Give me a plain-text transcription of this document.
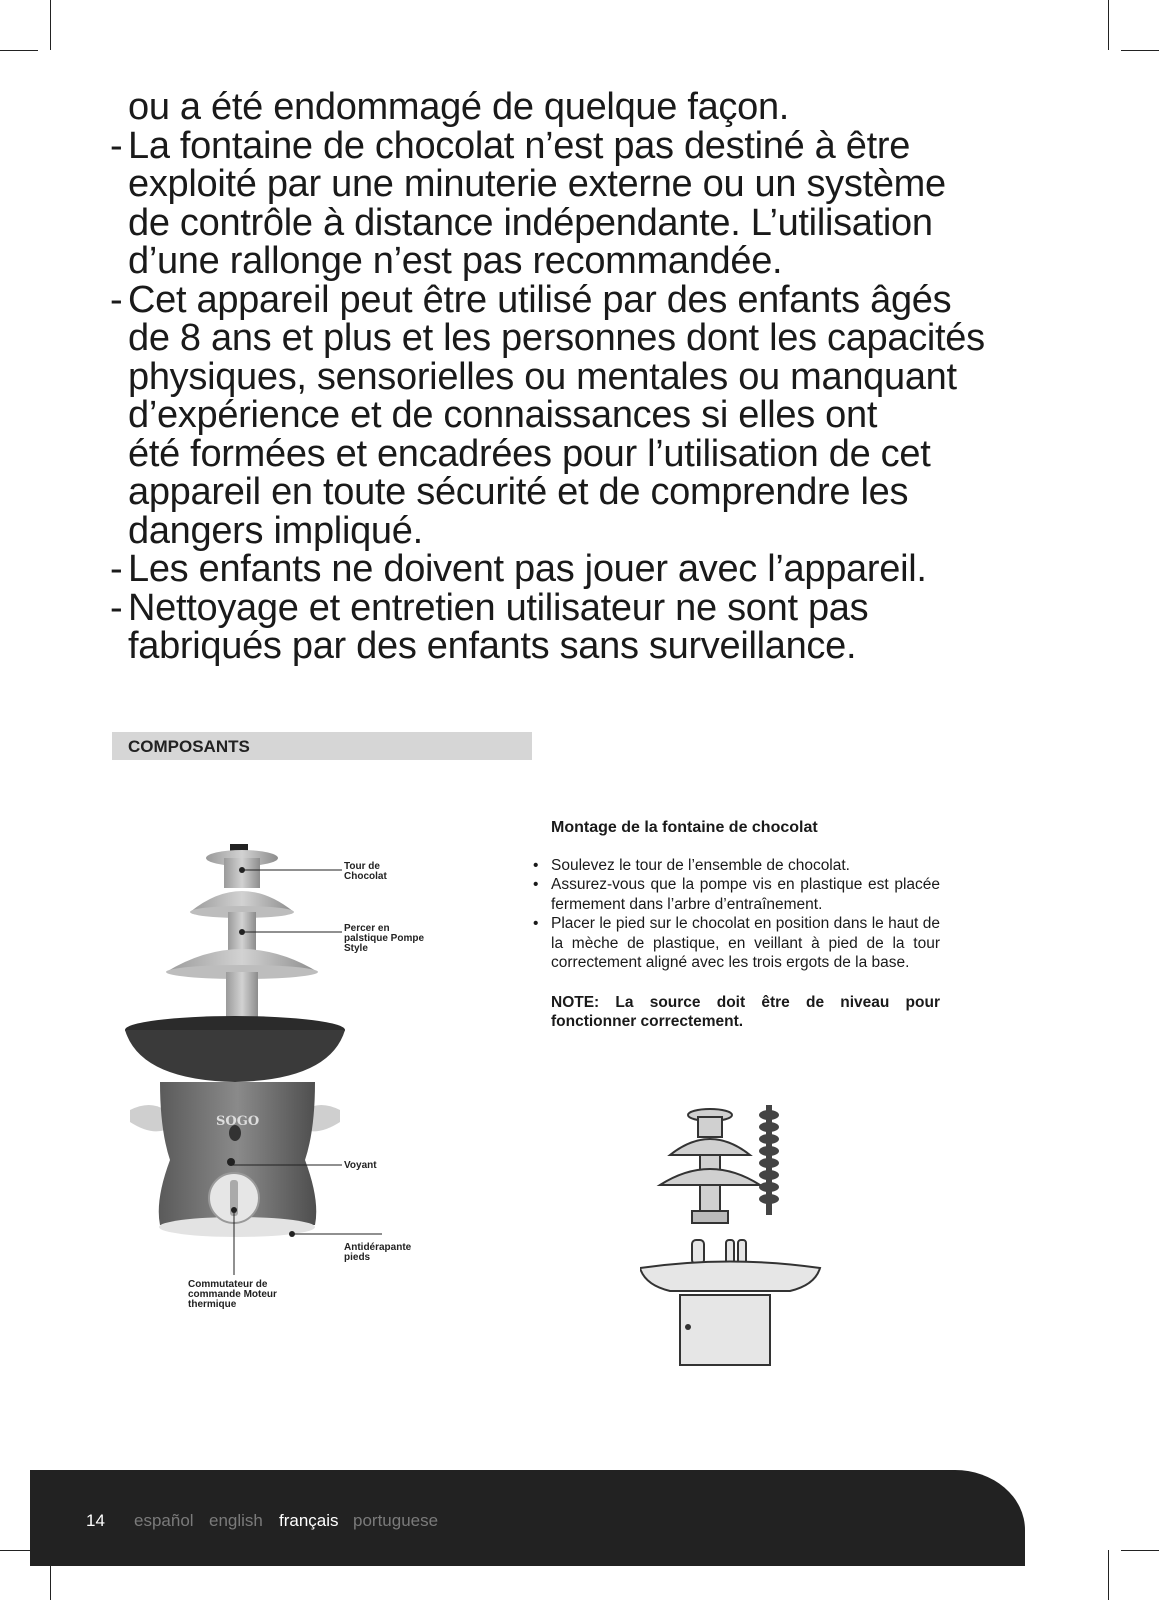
ou a été endommagé de quelque façon.
- La fontaine de chocolat n’est pas destiné à être
exploité par une minuterie externe ou un système
de contrôle à distance indépendante. L’utilisation
d’une rallonge n’est pas recommandée.
- Cet appareil peut être utilisé par des enfants âgés
de 8 ans et plus et les personnes dont les capacités
physiques, sensorielles ou mentales ou manquant
d’expérience et de connaissances si elles ont
été formées et encadrées pour l’utilisation de cet
appareil en toute sécurité et de comprendre les
dangers impliqué.
- Les enfants ne doivent pas jouer avec l’appareil.
- Nettoyage et entretien utilisateur ne sont pas
fabriqués par des enfants sans surveillance.
COMPOSANTS
SOGO
Tour de
Chocolat
Percer en
palstique Pompe
Style
Voyant
Antidérapante
pieds
Commutateur de
commande Moteur
thermique
Montage de la fontaine de chocolat
• Soulevez le tour de l’ensemble de chocolat.
• Assurez-vous que la pompe vis en plastique est placée fermement dans l’arbre d’entraînement.
• Placer le pied sur le chocolat en position dans le haut de la mèche de plastique, en veillant à pied de la tour correctement aligné avec les trois ergots de la base.
NOTE: La source doit être de niveau pour fonctionner correctement.
14 español english français portuguese
